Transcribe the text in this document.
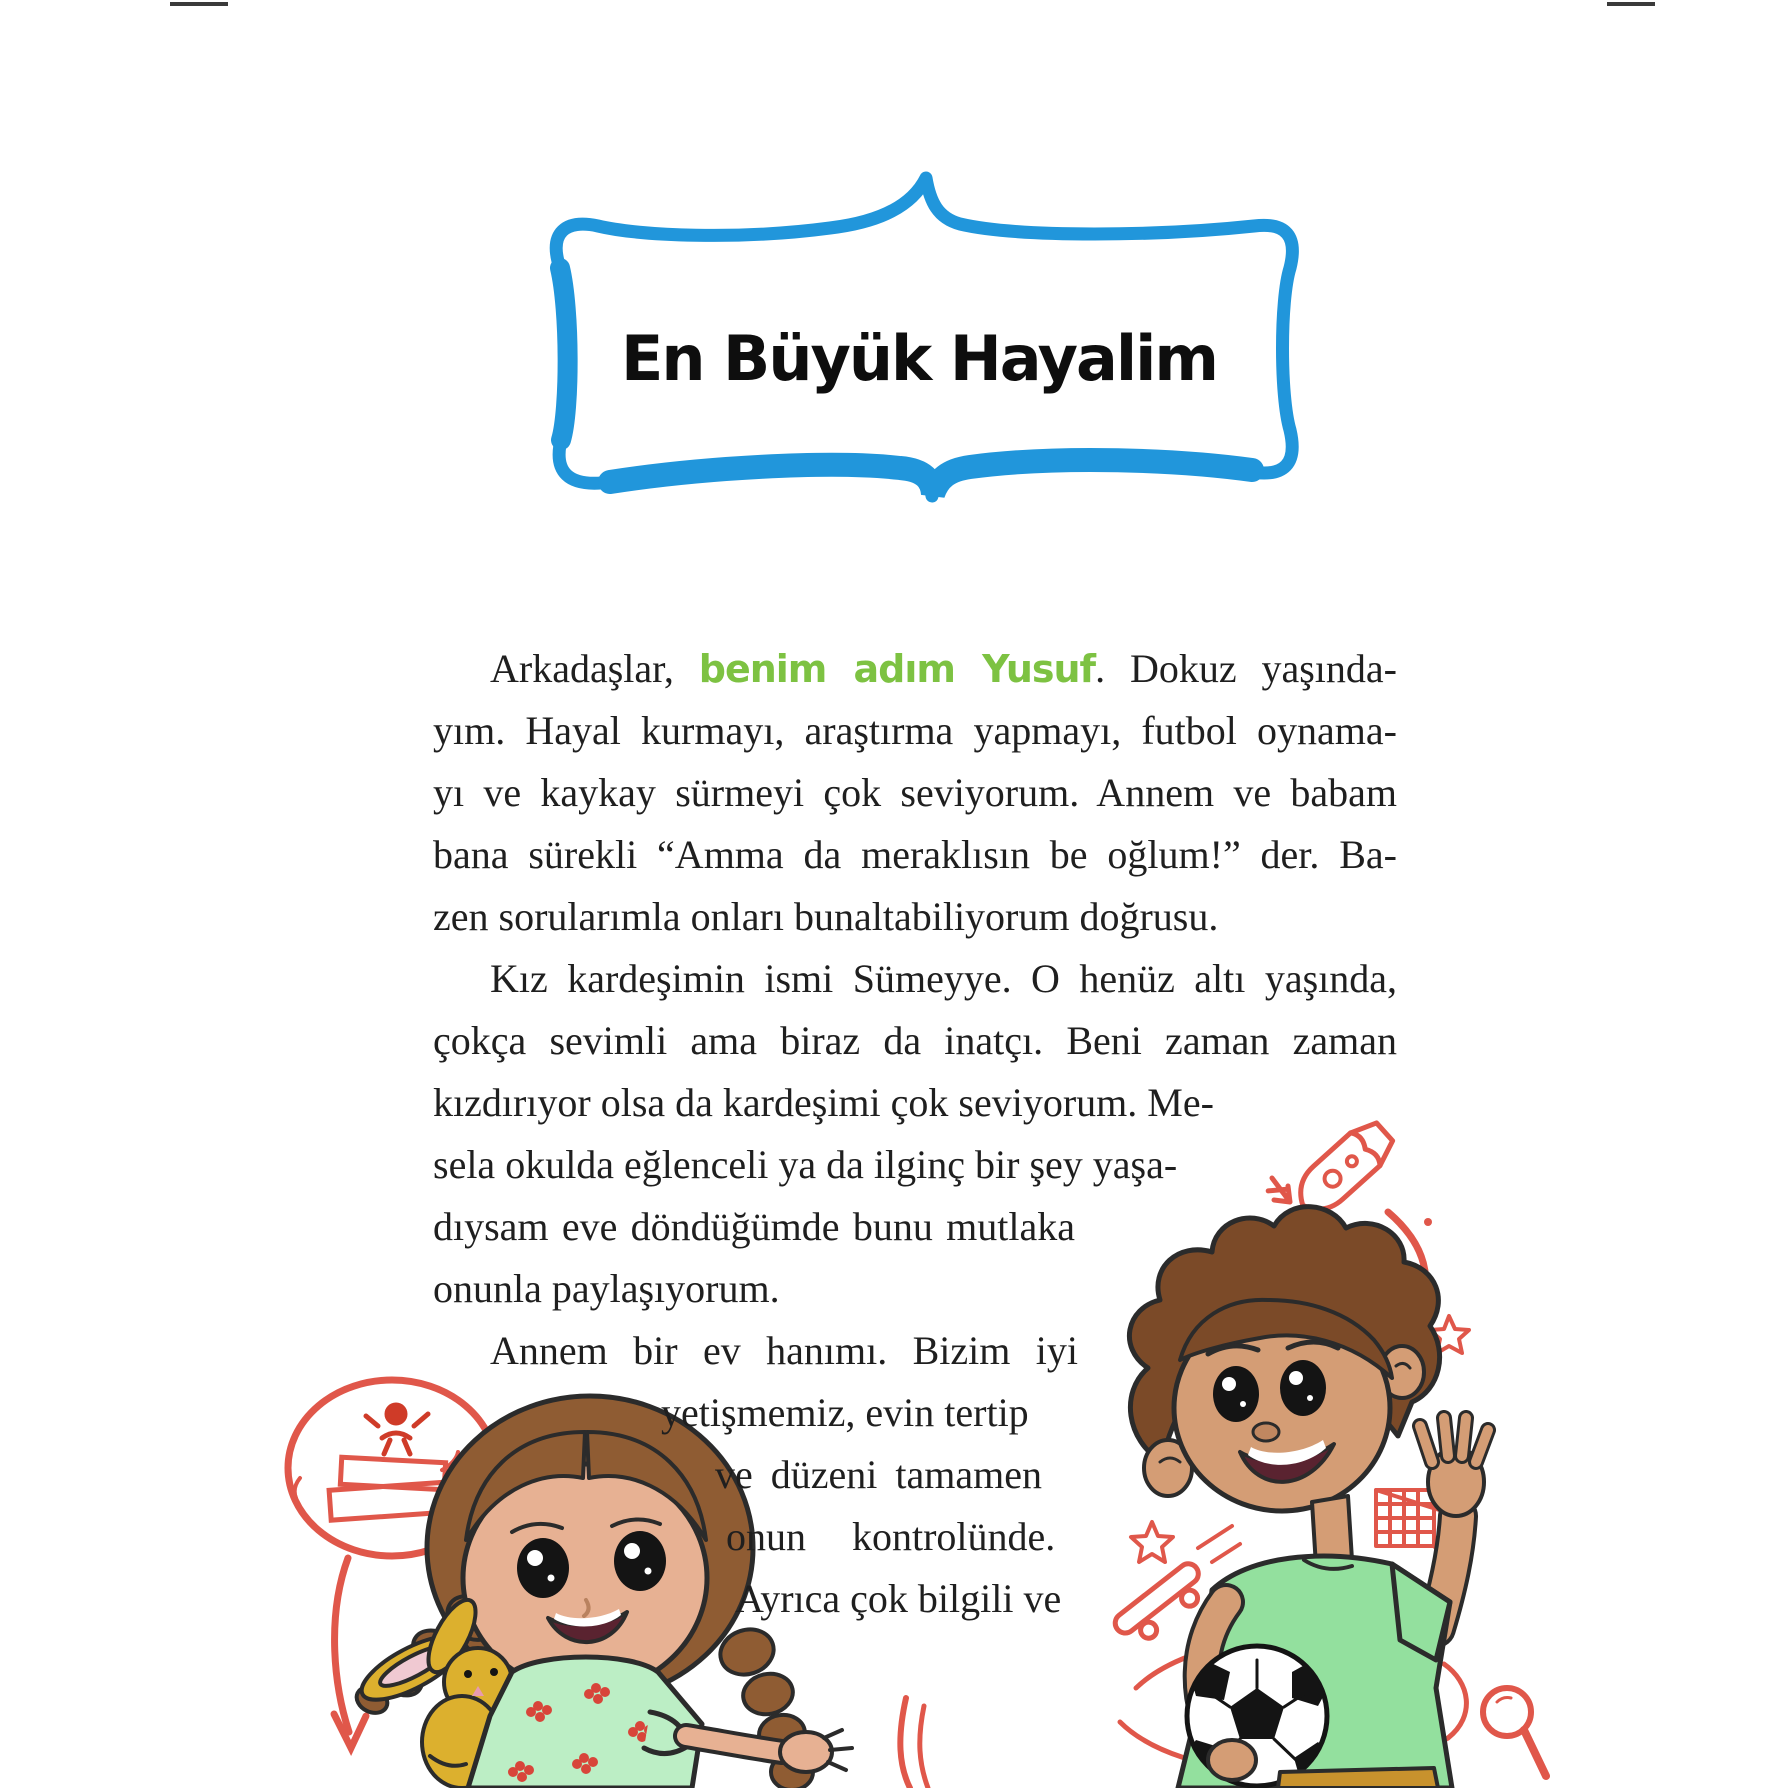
En Büyük Hayalim
Arkadaşlar, benim adım Yusuf. Dokuz yaşında-
yım. Hayal kurmayı, araştırma yapmayı, futbol oynama-
yı ve kaykay sürmeyi çok seviyorum. Annem ve babam
bana sürekli “Amma da meraklısın be oğlum!” der. Ba-
zen sorularımla onları bunaltabiliyorum doğrusu.
Kız kardeşimin ismi Sümeyye. O henüz altı yaşında,
çokça sevimli ama biraz da inatçı. Beni zaman zaman
kızdırıyor olsa da kardeşimi çok seviyorum. Me-
sela okulda eğlenceli ya da ilginç bir şey yaşa-
dıysam eve döndüğümde bunu mutlaka
onunla paylaşıyorum.
Annem bir ev hanımı. Bizim iyi
yetişmemiz, evin tertip
ve düzeni tamamen
onun kontrolünde.
Ayrıca çok bilgili ve
